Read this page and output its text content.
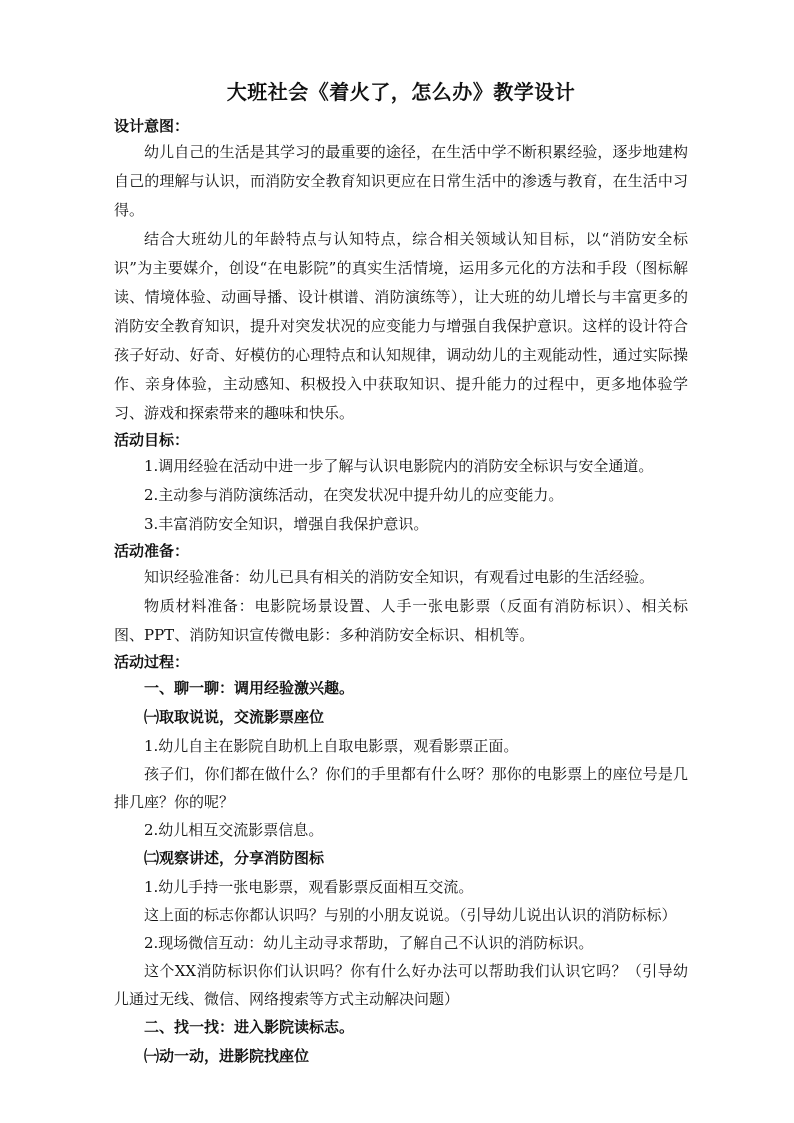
大班社会《着火了，怎么办》教学设计

设计意图：

幼儿自己的生活是其学习的最重要的途径，在生活中学不断积累经验，逐步地建构自己的理解与认识，而消防安全教育知识更应在日常生活中的渗透与教育，在生活中习得。

结合大班幼儿的年龄特点与认知特点，综合相关领域认知目标，以“消防安全标识”为主要媒介，创设“在电影院”的真实生活情境，运用多元化的方法和手段（图标解读、情境体验、动画导播、设计棋谱、消防演练等），让大班的幼儿增长与丰富更多的消防安全教育知识，提升对突发状况的应变能力与增强自我保护意识。这样的设计符合孩子好动、好奇、好模仿的心理特点和认知规律，调动幼儿的主观能动性，通过实际操作、亲身体验，主动感知、积极投入中获取知识、提升能力的过程中，更多地体验学习、游戏和探索带来的趣味和快乐。

活动目标：

1.调用经验在活动中进一步了解与认识电影院内的消防安全标识与安全通道。

2.主动参与消防演练活动，在突发状况中提升幼儿的应变能力。

3.丰富消防安全知识，增强自我保护意识。

活动准备：

知识经验准备：幼儿已具有相关的消防安全知识，有观看过电影的生活经验。

物质材料准备：电影院场景设置、人手一张电影票（反面有消防标识）、相关标图、PPT、消防知识宣传微电影：多种消防安全标识、相机等。

活动过程：

一、聊一聊：调用经验激兴趣。

㈠取取说说，交流影票座位

1.幼儿自主在影院自助机上自取电影票，观看影票正面。

孩子们，你们都在做什么？你们的手里都有什么呀？那你的电影票上的座位号是几排几座？你的呢？

2.幼儿相互交流影票信息。

㈡观察讲述，分享消防图标

1.幼儿手持一张电影票，观看影票反面相互交流。

这上面的标志你都认识吗？与别的小朋友说说。（引导幼儿说出认识的消防标标）

2.现场微信互动：幼儿主动寻求帮助，了解自己不认识的消防标识。

这个XX消防标识你们认识吗？你有什么好办法可以帮助我们认识它吗？（引导幼儿通过无线、微信、网络搜索等方式主动解决问题）

二、找一找：进入影院读标志。

㈠动一动，进影院找座位
